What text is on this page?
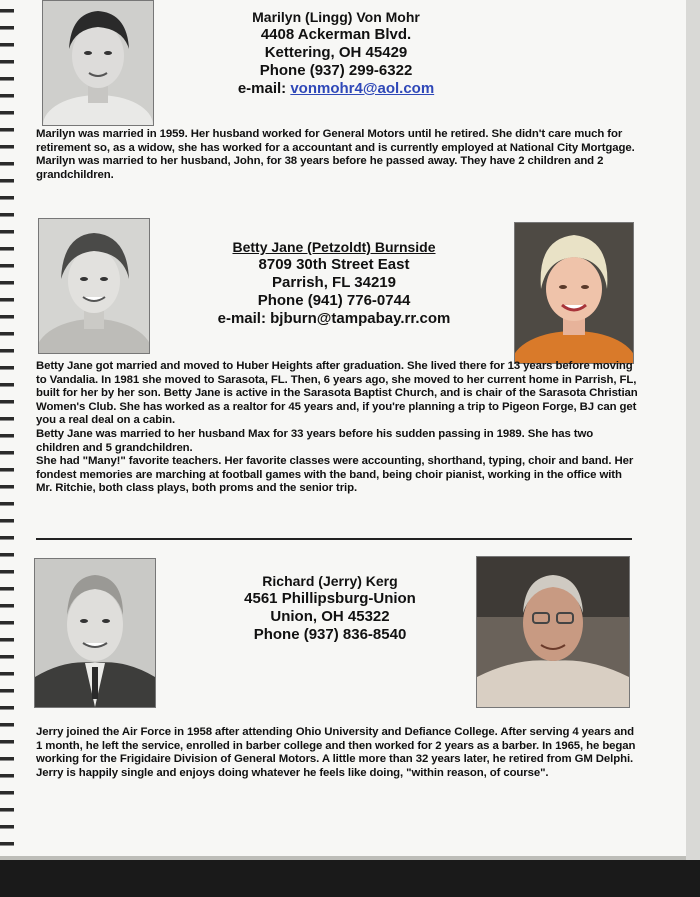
Marilyn (Lingg) Von Mohr
4408 Ackerman Blvd.
Kettering, OH 45429
Phone (937) 299-6322
e-mail: vonmohr4@aol.com

Marilyn was married in 1959. Her husband worked for General Motors until he retired. She didn't care much for retirement so, as a widow, she has worked for a accountant and is currently employed at National City Mortgage.

Marilyn was married to her husband, John, for 38 years before he passed away. They have 2 children and 2 grandchildren.

Betty Jane (Petzoldt) Burnside
8709 30th Street East
Parrish, FL 34219
Phone (941) 776-0744
e-mail: bjburn@tampabay.rr.com

Betty Jane got married and moved to Huber Heights after graduation. She lived there for 13 years before moving to Vandalia. In 1981 she moved to Sarasota, FL. Then, 6 years ago, she moved to her current home in Parrish, FL, built for her by her son. Betty Jane is active in the Sarasota Baptist Church, and is chair of the Sarasota Christian Women's Club. She has worked as a realtor for 45 years and, if you're planning a trip to Pigeon Forge, BJ can get you a real deal on a cabin.

Betty Jane was married to her husband Max for 33 years before his sudden passing in 1989. She has two children and 5 grandchildren.

She had "Many!" favorite teachers. Her favorite classes were accounting, shorthand, typing, choir and band. Her fondest memories are marching at football games with the band, being choir pianist, working in the office with Mr. Ritchie, both class plays, both proms and the senior trip.

Richard (Jerry) Kerg
4561 Phillipsburg-Union
Union, OH 45322
Phone (937) 836-8540

Jerry joined the Air Force in 1958 after attending Ohio University and Defiance College. After serving 4 years and 1 month, he left the service, enrolled in barber college and then worked for 2 years as a barber. In 1965, he began working for the Frigidaire Division of General Motors. A little more than 32 years later, he retired from GM Delphi.

Jerry is happily single and enjoys doing whatever he feels like doing, "within reason, of course".
